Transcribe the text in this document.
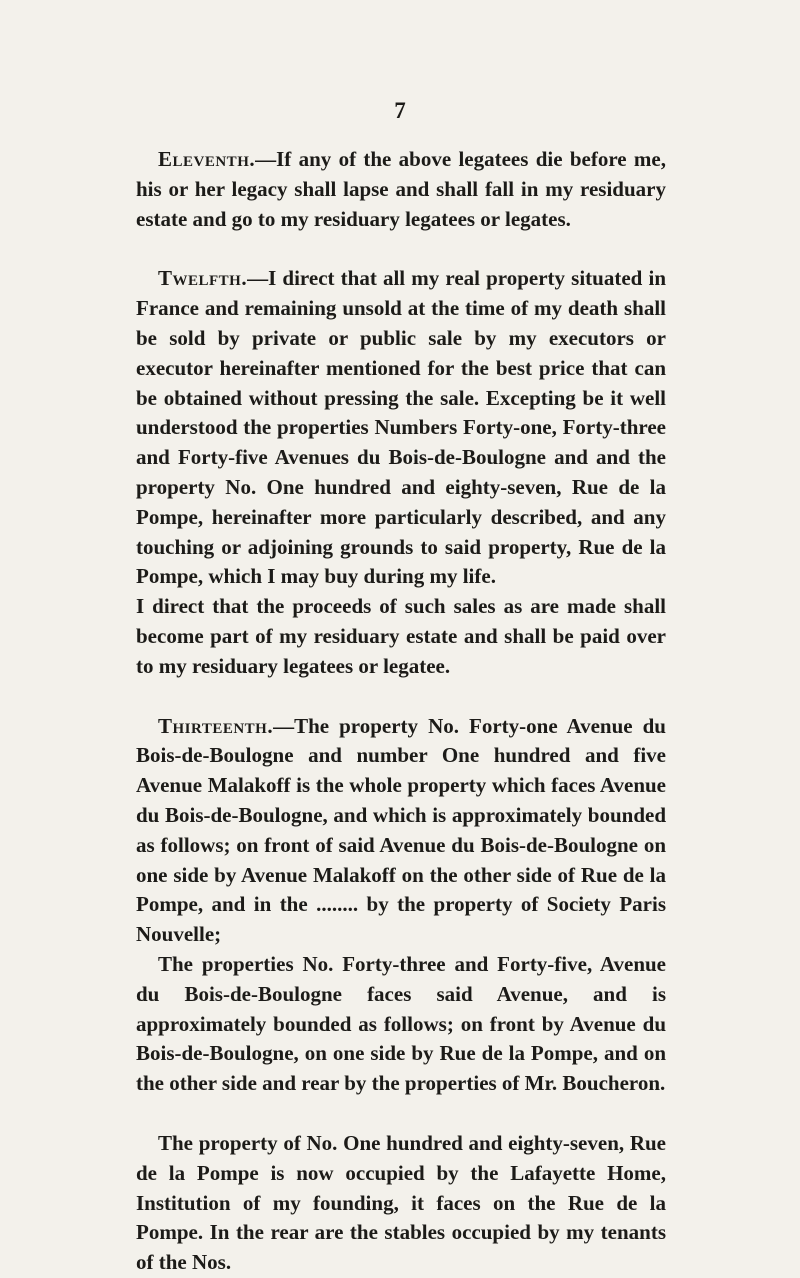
7

Eleventh.—If any of the above legatees die before me, his or her legacy shall lapse and shall fall in my residuary estate and go to my residuary legatees or legates.

Twelfth.—I direct that all my real property situated in France and remaining unsold at the time of my death shall be sold by private or public sale by my executors or executor hereinafter mentioned for the best price that can be obtained without pressing the sale. Excepting be it well understood the properties Numbers Forty-one, Forty-three and Forty-five Avenues du Bois-de-Boulogne and and the property No. One hundred and eighty-seven, Rue de la Pompe, hereinafter more particularly described, and any touching or adjoining grounds to said property, Rue de la Pompe, which I may buy during my life.

I direct that the proceeds of such sales as are made shall become part of my residuary estate and shall be paid over to my residuary legatees or legatee.

Thirteenth.—The property No. Forty-one Avenue du Bois-de-Boulogne and number One hundred and five Avenue Malakoff is the whole property which faces Avenue du Bois-de-Boulogne, and which is approximately bounded as follows; on front of said Avenue du Bois-de-Boulogne on one side by Avenue Malakoff on the other side of Rue de la Pompe, and in the ........ by the property of Society Paris Nouvelle;

The properties No. Forty-three and Forty-five, Avenue du Bois-de-Boulogne faces said Avenue, and is approximately bounded as follows; on front by Avenue du Bois-de-Boulogne, on one side by Rue de la Pompe, and on the other side and rear by the properties of Mr. Boucheron.

The property of No. One hundred and eighty-seven, Rue de la Pompe is now occupied by the Lafayette Home, Institution of my founding, it faces on the Rue de la Pompe. In the rear are the stables occupied by my tenants of the Nos.
